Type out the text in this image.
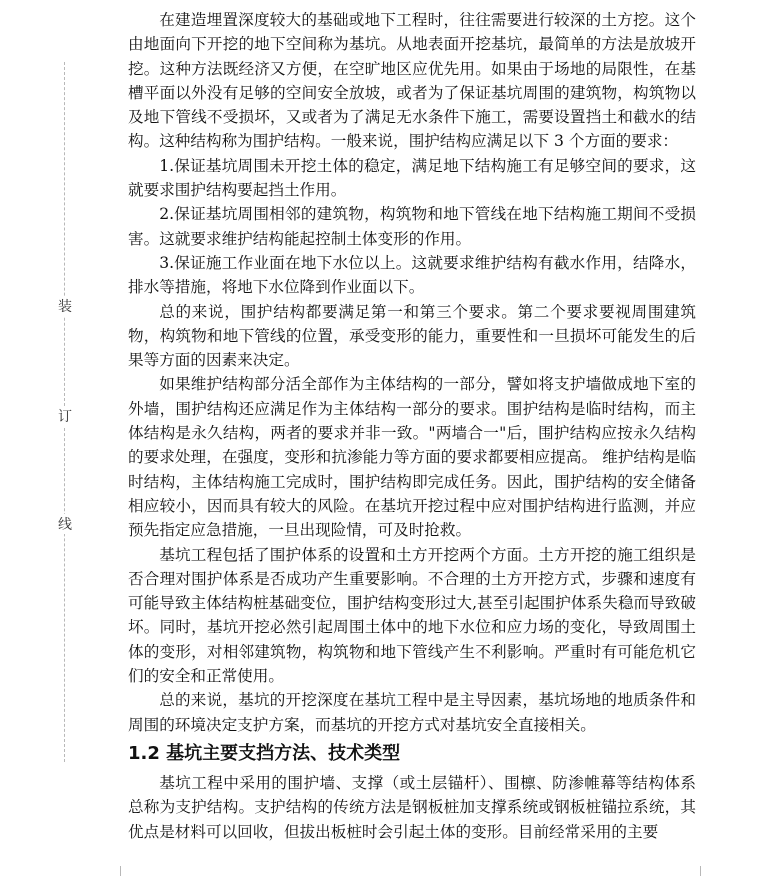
装
订
线

在建造埋置深度较大的基础或地下工程时，往往需要进行较深的土方挖。这个由地面向下开挖的地下空间称为基坑。从地表面开挖基坑，最简单的方法是放坡开挖。这种方法既经济又方便，在空旷地区应优先用。如果由于场地的局限性，在基槽平面以外没有足够的空间安全放坡，或者为了保证基坑周围的建筑物，构筑物以及地下管线不受损坏，又或者为了满足无水条件下施工，需要设置挡土和截水的结构。这种结构称为围护结构。一般来说，围护结构应满足以下 3 个方面的要求：

1.保证基坑周围未开挖土体的稳定，满足地下结构施工有足够空间的要求，这就要求围护结构要起挡土作用。

2.保证基坑周围相邻的建筑物，构筑物和地下管线在地下结构施工期间不受损害。这就要求维护结构能起控制土体变形的作用。

3.保证施工作业面在地下水位以上。这就要求维护结构有截水作用，结降水，排水等措施，将地下水位降到作业面以下。

总的来说，围护结构都要满足第一和第三个要求。第二个要求要视周围建筑物，构筑物和地下管线的位置，承受变形的能力，重要性和一旦损坏可能发生的后果等方面的因素来决定。

如果维护结构部分活全部作为主体结构的一部分，譬如将支护墙做成地下室的外墙，围护结构还应满足作为主体结构一部分的要求。围护结构是临时结构，而主体结构是永久结构，两者的要求并非一致。"两墙合一"后，围护结构应按永久结构的要求处理，在强度，变形和抗渗能力等方面的要求都要相应提高。 维护结构是临时结构，主体结构施工完成时，围护结构即完成任务。因此，围护结构的安全储备相应较小，因而具有较大的风险。在基坑开挖过程中应对围护结构进行监测，并应预先指定应急措施，一旦出现险情，可及时抢救。

基坑工程包括了围护体系的设置和土方开挖两个方面。土方开挖的施工组织是否合理对围护体系是否成功产生重要影响。不合理的土方开挖方式，步骤和速度有可能导致主体结构桩基础变位，围护结构变形过大,甚至引起围护体系失稳而导致破坏。同时，基坑开挖必然引起周围土体中的地下水位和应力场的变化，导致周围土体的变形，对相邻建筑物，构筑物和地下管线产生不利影响。严重时有可能危机它们的安全和正常使用。

总的来说，基坑的开挖深度在基坑工程中是主导因素，基坑场地的地质条件和周围的环境决定支护方案，而基坑的开挖方式对基坑安全直接相关。

1.2 基坑主要支挡方法、技术类型

基坑工程中采用的围护墙、支撑（或土层锚杆）、围檩、防渗帷幕等结构体系总称为支护结构。支护结构的传统方法是钢板桩加支撑系统或钢板桩锚拉系统，其优点是材料可以回收，但拔出板桩时会引起土体的变形。目前经常采用的主要
